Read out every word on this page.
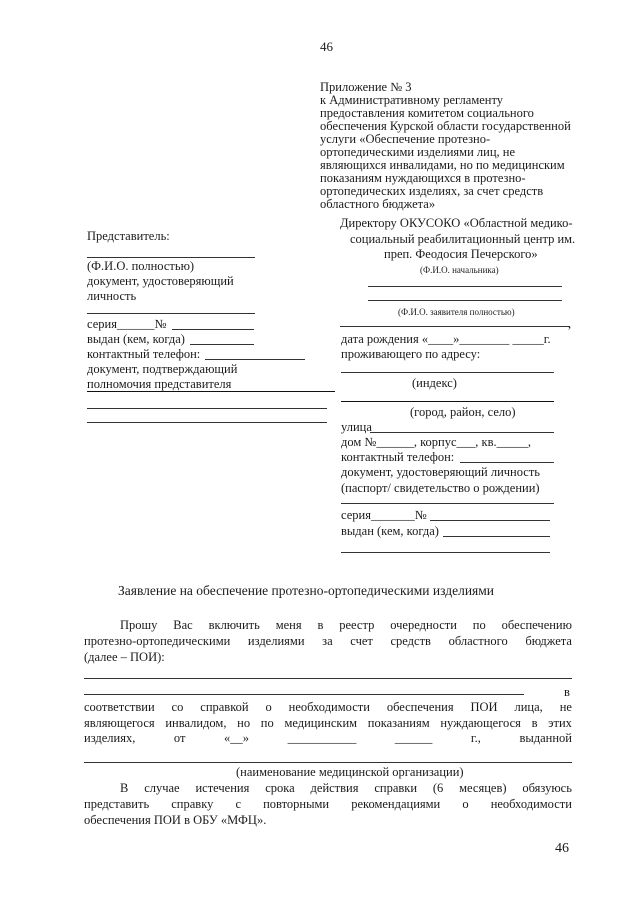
46
Приложение № 3
к Административному регламенту
предоставления комитетом социального
обеспечения Курской области государственной
услуги «Обеспечение протезно-
ортопедическими изделиями лиц, не
являющихся инвалидами, но по медицинским
показаниям нуждающихся в протезно-
ортопедических изделиях, за счет средств
областного бюджета»
Директору ОКУСОКО «Областной медико-
социальный реабилитационный центр им.
преп. Феодосия Печерского»
(Ф.И.О. начальника)
(Ф.И.О. заявителя полностью)
,
дата рождения «____»________ _____г.
проживающего по адресу:
(индекс)
(город, район, село)
улица
дом №______, корпус___, кв._____,
контактный телефон:
документ, удостоверяющий личность
(паспорт/ свидетельство о рождении)
серия_______№
выдан (кем, когда)
Представитель:
(Ф.И.О. полностью)
документ, удостоверяющий
личность
серия______№
выдан (кем, когда)
контактный телефон:
документ, подтверждающий
полномочия представителя
Заявление на обеспечение протезно-ортопедическими изделиями
Прошу Вас включить меня в реестр очередности по обеспечению
протезно-ортопедическими изделиями за счет средств областного бюджета
(далее – ПОИ):
в
соответствии со справкой о необходимости обеспечения ПОИ лица, не
являющегося инвалидом, но по медицинским показаниям нуждающегося в этих
изделиях,	от	«__»	___________	______	г.,	выданной
(наименование медицинской организации)
В случае истечения срока действия справки (6 месяцев) обязуюсь
представить справку с повторными рекомендациями о необходимости
обеспечения ПОИ в ОБУ «МФЦ».
46
